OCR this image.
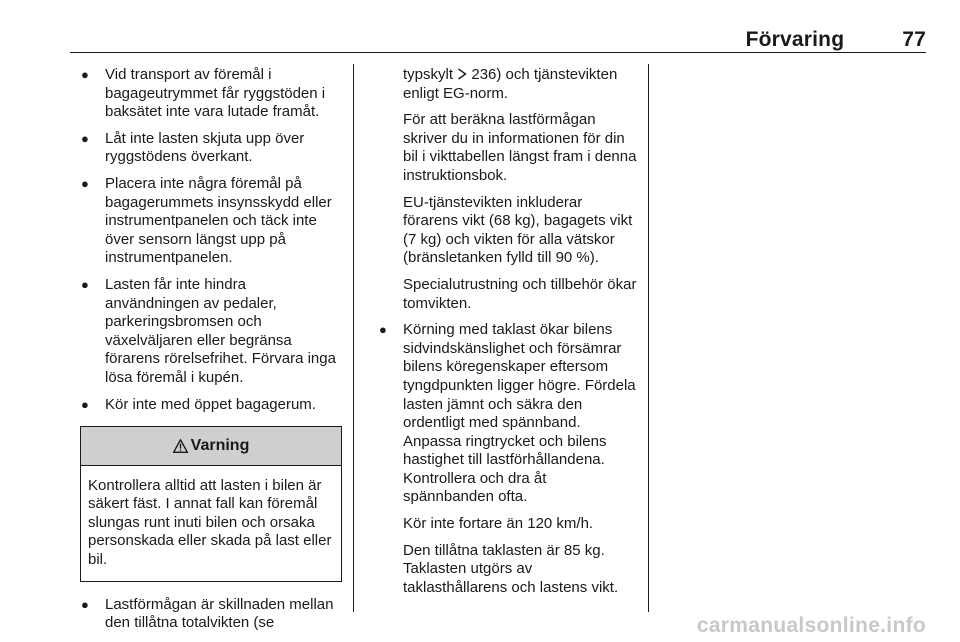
Förvaring	77
● Vid transport av föremål i bagageutrymmet får ryggstöden i baksätet inte vara lutade framåt.

● Låt inte lasten skjuta upp över ryggstödens överkant.

● Placera inte några föremål på bagagerummets insynsskydd eller instrumentpanelen och täck inte över sensorn längst upp på instrumentpanelen.

● Lasten får inte hindra användningen av pedaler, parkeringsbromsen och växelväljaren eller begränsa förarens rörelsefrihet. Förvara inga lösa föremål i kupén.

● Kör inte med öppet bagagerum.

Varning
Kontrollera alltid att lasten i bilen är säkert fäst. I annat fall kan föremål slungas runt inuti bilen och orsaka personskada eller skada på last eller bil.
● Lastförmågan är skillnaden mellan den tillåtna totalvikten (se

typskylt 236) och tjänstevikten enligt EG-norm.

För att beräkna lastförmågan skriver du in informationen för din bil i vikttabellen längst fram i denna instruktionsbok.

EU-tjänstevikten inkluderar förarens vikt (68 kg), bagagets vikt (7 kg) och vikten för alla vätskor (bränsletanken fylld till 90 %).

Specialutrustning och tillbehör ökar tomvikten.

● Körning med taklast ökar bilens sidvindskänslighet och försämrar bilens köregenskaper eftersom tyngdpunkten ligger högre. Fördela lasten jämnt och säkra den ordentligt med spännband. Anpassa ringtrycket och bilens hastighet till lastförhållandena. Kontrollera och dra åt spännbanden ofta.

Kör inte fortare än 120 km/h.

Den tillåtna taklasten är 85 kg. Taklasten utgörs av taklasthållarens och lastens vikt.

carmanualsonline.info
